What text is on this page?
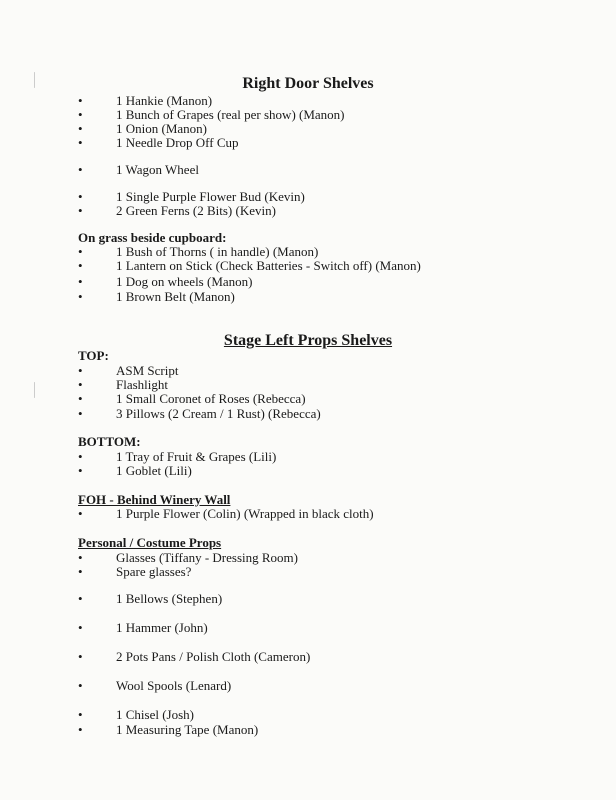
Right Door Shelves
•	1 Hankie (Manon)
•	1 Bunch of Grapes (real per show) (Manon)
•	1 Onion (Manon)
•	1 Needle Drop Off Cup
•	1 Wagon Wheel
•	1 Single Purple Flower Bud (Kevin)
•	2 Green Ferns (2 Bits) (Kevin)
On grass beside cupboard:
•	1 Bush of Thorns ( in handle) (Manon)
•	1 Lantern on Stick (Check Batteries - Switch off) (Manon)
•	1 Dog on wheels (Manon)
•	1 Brown Belt (Manon)
TOP:
•	ASM Script
•	Flashlight
•	1 Small Coronet of Roses (Rebecca)
•	3 Pillows (2 Cream / 1 Rust) (Rebecca)
BOTTOM:
•	1 Tray of Fruit & Grapes (Lili)
•	1 Goblet (Lili)
FOH - Behind Winery Wall
•	1 Purple Flower (Colin) (Wrapped in black cloth)
Personal / Costume Props
•	Glasses (Tiffany - Dressing Room)
•	Spare glasses?
•	1 Bellows (Stephen)
•	1 Hammer (John)
•	2 Pots Pans / Polish Cloth (Cameron)
•	Wool Spools (Lenard)
•	1 Chisel (Josh)
•	1 Measuring Tape (Manon)
Stage Left Props Shelves
